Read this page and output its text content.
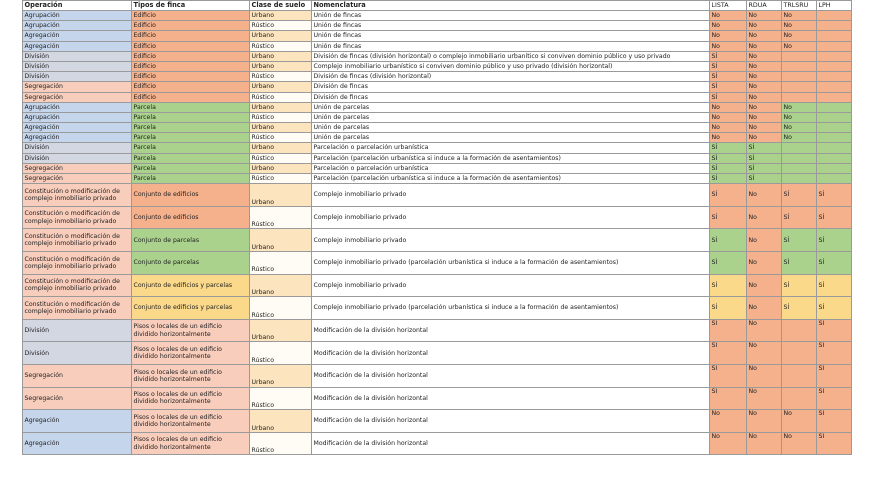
Operación	Tipos de finca	Clase de suelo	Nomenclatura	LISTA	RDUA	TRLSRU	LPH
Agrupación	Edificio	Urbano	Unión de fincas	No	No	No	
Agrupación	Edificio	Rústico	Unión de fincas	No	No	No	
Agregación	Edificio	Urbano	Unión de fincas	No	No	No	
Agregación	Edificio	Rústico	Unión de fincas	No	No	No	
División	Edificio	Urbano	División de fincas (división horizontal) o complejo inmobiliario urbanítico si conviven dominio público y uso privado	SÍ	No		
División	Edificio	Urbano	Complejo inmobiliario urbanístico si conviven dominio público y uso privado (división horizontal)	SÍ	No		
División	Edificio	Rústico	División de fincas (división horizontal)	SÍ	No		
Segregación	Edificio	Urbano	División de fincas	SÍ	No		
Segregación	Edificio	Rústico	División de fincas	SÍ	No		
Agrupación	Parcela	Urbano	Unión de parcelas	No	No	No	
Agrupación	Parcela	Rústico	Unión de parcelas	No	No	No	
Agregación	Parcela	Urbano	Unión de parcelas	No	No	No	
Agregación	Parcela	Rústico	Unión de parcelas	No	No	No	
División	Parcela	Urbano	Parcelación o parcelación urbanística	SÍ	SÍ		
División	Parcela	Rústico	Parcelación (parcelación urbanística si induce a la formación de asentamientos)	SÍ	SÍ		
Segregación	Parcela	Urbano	Parcelación o parcelación urbanística	SÍ	SÍ		
Segregación	Parcela	Rústico	Parcelación (parcelación urbanística si induce a la formación de asentamientos)	SÍ	SÍ		
Constitución o modificación de complejo inmobiliario privado	Conjunto de edificios	Urbano	Complejo inmobiliario privado	SÍ	No	SÍ	SÍ
Constitución o modificación de complejo inmobiliario privado	Conjunto de edificios	Rústico	Complejo inmobiliario privado	SÍ	No	SÍ	SÍ
Constitución o modificación de complejo inmobiliario privado	Conjunto de parcelas	Urbano	Complejo inmobiliario privado	SÍ	No	SÍ	SÍ
Constitución o modificación de complejo inmobiliario privado	Conjunto de parcelas	Rústico	Complejo inmobiliario privado (parcelación urbanística si induce a la formación de asentamientos)	SÍ	No	SÍ	SÍ
Constitución o modificación de complejo inmobiliario privado	Conjunto de edificios y parcelas	Urbano	Complejo inmobiliario privado	SÍ	No	SÍ	SÍ
Constitución o modificación de complejo inmobiliario privado	Conjunto de edificios y parcelas	Rústico	Complejo inmobiliario privado (parcelación urbanística si induce a la formación de asentamientos)	SÍ	No	SÍ	SÍ
División	Pisos o locales de un edificio dividido horizontalmente	Urbano	Modificación de la división horizontal	SÍ	No		SÍ
División	Pisos o locales de un edificio dividido horizontalmente	Rústico	Modificación de la división horizontal	SÍ	No		SÍ
Segregación	Pisos o locales de un edificio dividido horizontalmente	Urbano	Modificación de la división horizontal	SÍ	No		SÍ
Segregación	Pisos o locales de un edificio dividido horizontalmente	Rústico	Modificación de la división horizontal	SÍ	No		SÍ
Agregación	Pisos o locales de un edificio dividido horizontalmente	Urbano	Modificación de la división horizontal	No	No	No	SÍ
Agregación	Pisos o locales de un edificio dividido horizontalmente	Rústico	Modificación de la división horizontal	No	No	No	SÍ
